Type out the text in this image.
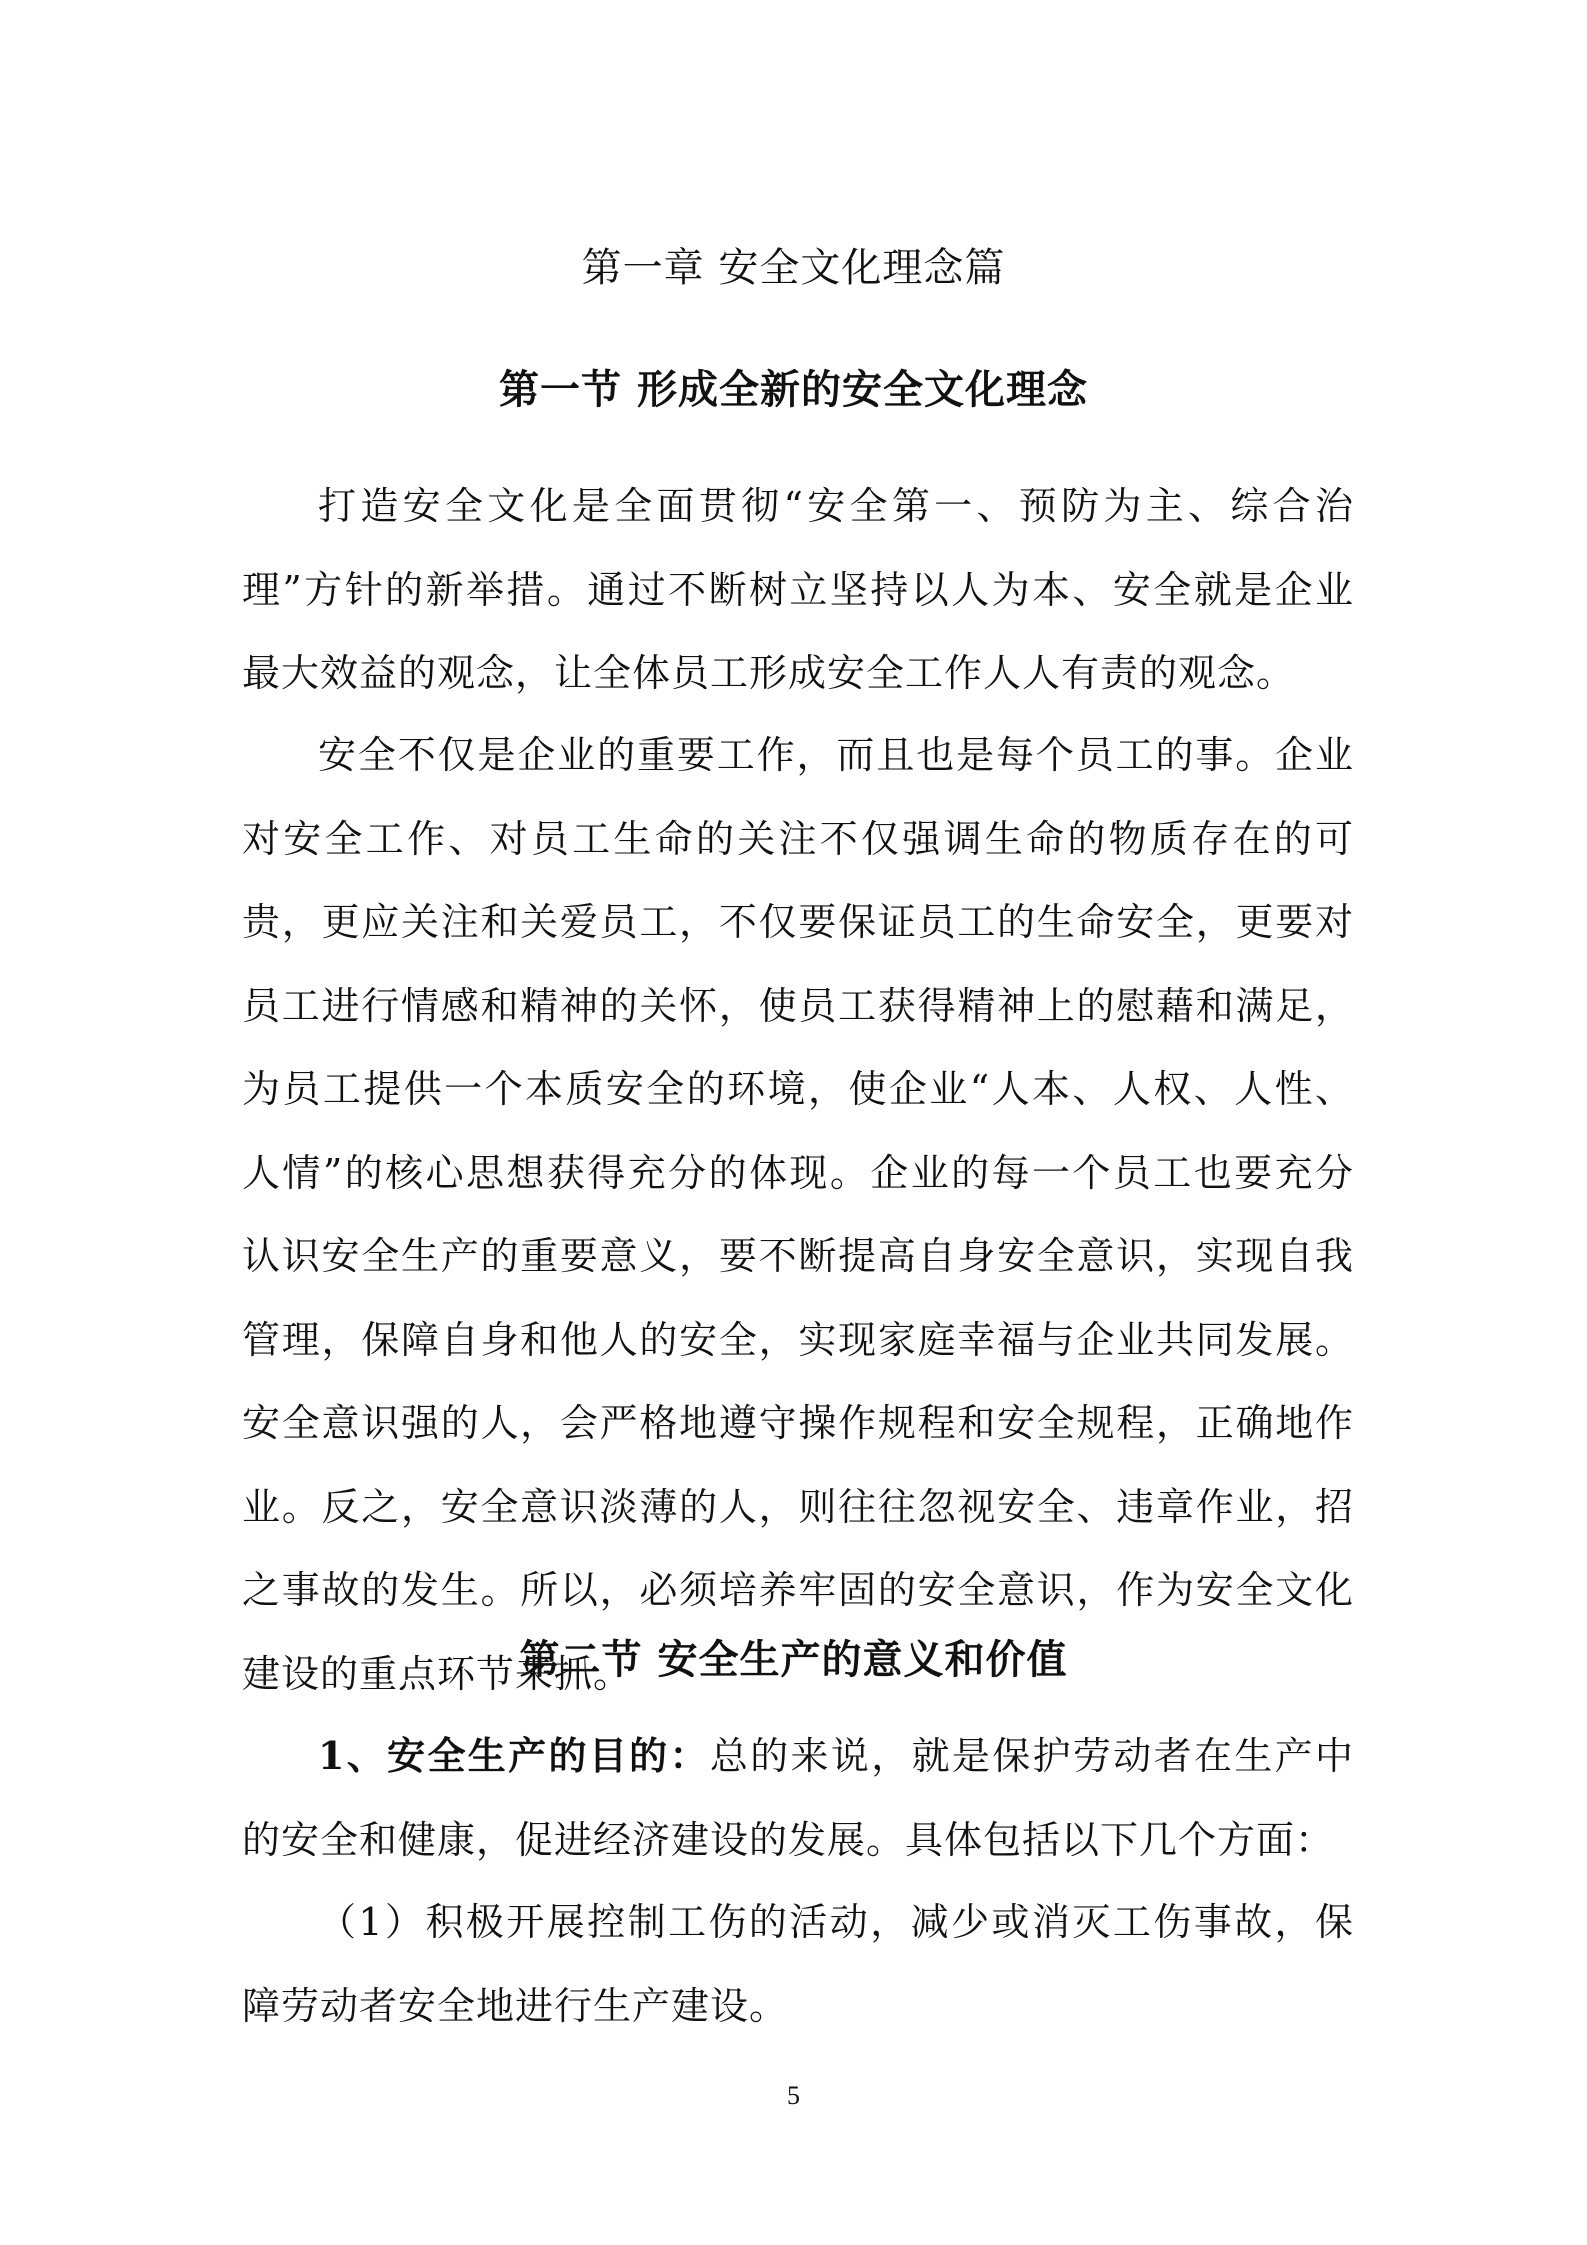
第一章 安全文化理念篇
第一节 形成全新的安全文化理念

打造安全文化是全面贯彻“安全第一、预防为主、综合治理”方针的新举措。通过不断树立坚持以人为本、安全就是企业最大效益的观念，让全体员工形成安全工作人人有责的观念。

安全不仅是企业的重要工作，而且也是每个员工的事。企业对安全工作、对员工生命的关注不仅强调生命的物质存在的可贵，更应关注和关爱员工，不仅要保证员工的生命安全，更要对员工进行情感和精神的关怀，使员工获得精神上的慰藉和满足，为员工提供一个本质安全的环境，使企业“人本、人权、人性、人情”的核心思想获得充分的体现。企业的每一个员工也要充分认识安全生产的重要意义，要不断提高自身安全意识，实现自我管理，保障自身和他人的安全，实现家庭幸福与企业共同发展。安全意识强的人，会严格地遵守操作规程和安全规程，正确地作业。反之，安全意识淡薄的人，则往往忽视安全、违章作业，招之事故的发生。所以，必须培养牢固的安全意识，作为安全文化建设的重点环节来抓。

第二节 安全生产的意义和价值

1、安全生产的目的：总的来说，就是保护劳动者在生产中的安全和健康，促进经济建设的发展。具体包括以下几个方面：

（1）积极开展控制工伤的活动，减少或消灭工伤事故，保障劳动者安全地进行生产建设。

5
